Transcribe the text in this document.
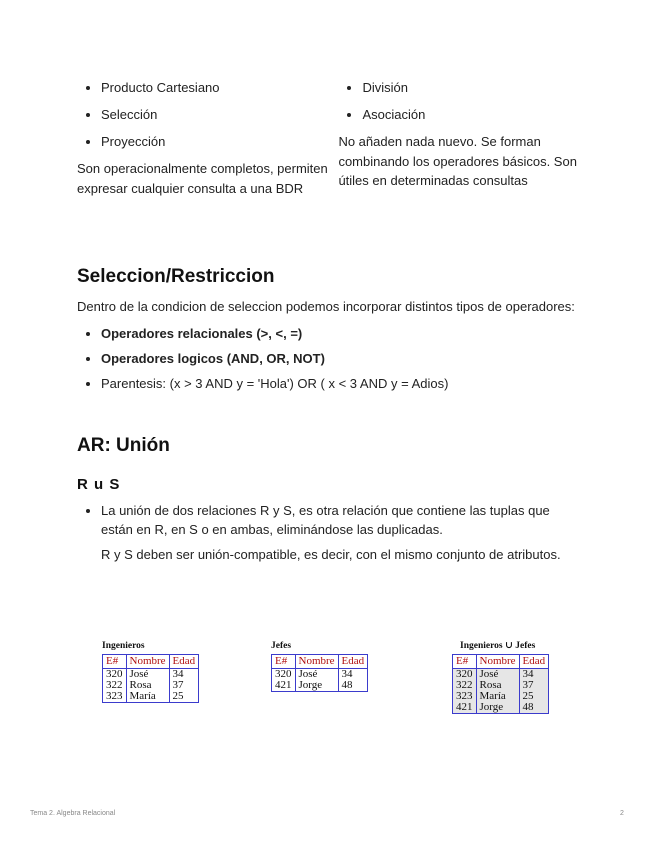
• Producto Cartesiano
• Selección
• Proyección

Son operacionalmente completos, permiten expresar cualquier consulta a una BDR

• División
• Asociación

No añaden nada nuevo. Se forman combinando los operadores básicos. Son útiles en determinadas consultas

Seleccion/Restriccion

Dentro de la condicion de seleccion podemos incorporar distintos tipos de operadores:

• Operadores relacionales (>, <, =)
• Operadores logicos (AND, OR, NOT)
• Parentesis: (x > 3 AND y = 'Hola') OR ( x < 3 AND y = Adios)
AR: Unión
R u S
• La unión de dos relaciones R y S, es otra relación que contiene las tuplas que están en R, en S o en ambas, eliminándose las duplicadas.

R y S deben ser unión-compatible, es decir, con el mismo conjunto de atributos.

Ingenieros
E#	Nombre	Edad
320	José	34
322	Rosa	37
323	María	25
Jefes
E#	Nombre	Edad
320	José	34
421	Jorge	48
Ingenieros ∪ Jefes
E#	Nombre	Edad
320	José	34
322	Rosa	37
323	María	25
421	Jorge	48
Tema 2. Algebra Relacional	2
